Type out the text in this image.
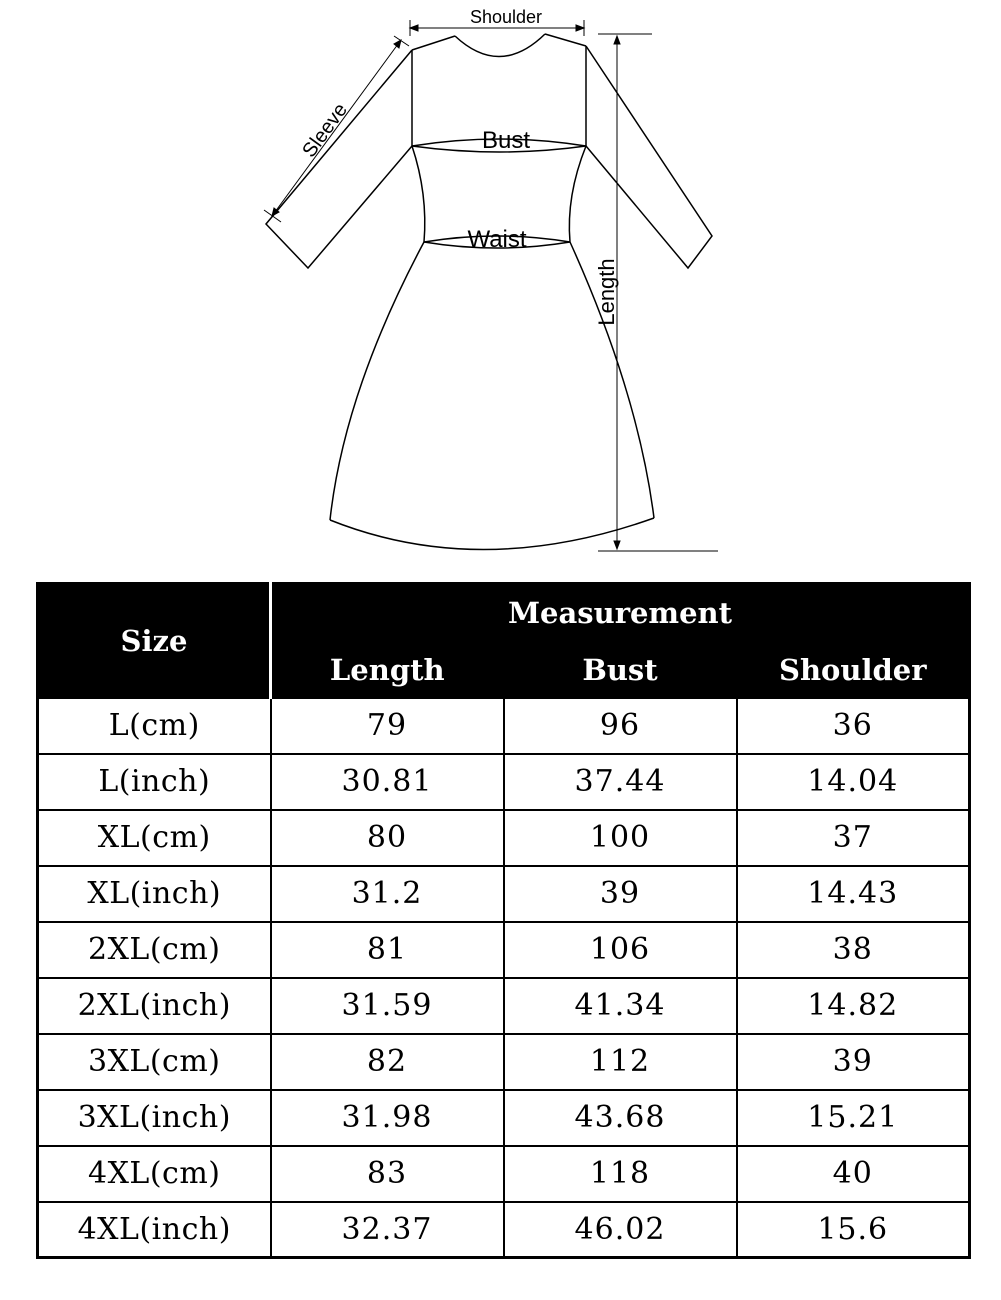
Shoulder
Sleeve	Bust
Waist
Length
Size	Measurement		
	Length	Bust	Shoulder
L(cm)	79	96	36
L(inch)	30.81	37.44	14.04
XL(cm)	80	100	37
XL(inch)	31.2	39	14.43
2XL(cm)	81	106	38
2XL(inch)	31.59	41.34	14.82
3XL(cm)	82	112	39
3XL(inch)	31.98	43.68	15.21
4XL(cm)	83	118	40
4XL(inch)	32.37	46.02	15.6
